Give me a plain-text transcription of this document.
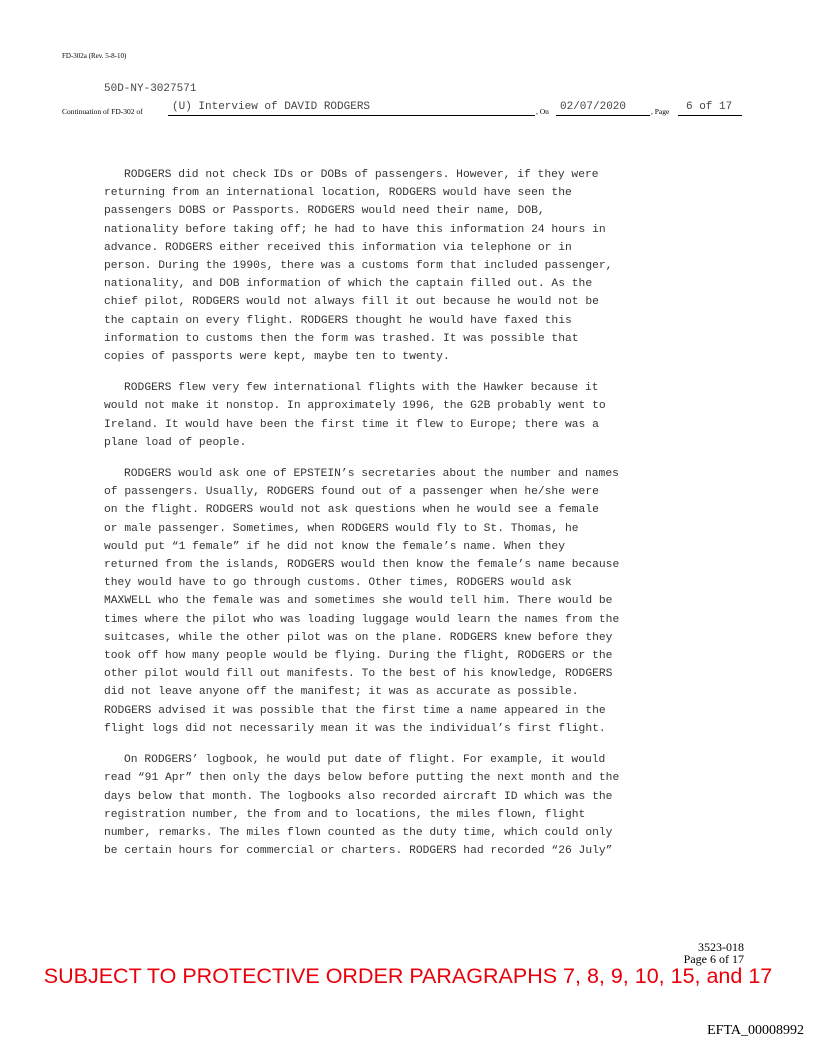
FD-302a (Rev. 5-8-10)
50D-NY-3027571
Continuation of FD-302 of	(U) Interview of DAVID RODGERS	, On	02/07/2020	, Page	6 of 17

RODGERS did not check IDs or DOBs of passengers. However, if they were
returning from an international location, RODGERS would have seen the
passengers DOBS or Passports. RODGERS would need their name, DOB,
nationality before taking off; he had to have this information 24 hours in
advance. RODGERS either received this information via telephone or in
person. During the 1990s, there was a customs form that included passenger,
nationality, and DOB information of which the captain filled out. As the
chief pilot, RODGERS would not always fill it out because he would not be
the captain on every flight. RODGERS thought he would have faxed this
information to customs then the form was trashed. It was possible that
copies of passports were kept, maybe ten to twenty.

RODGERS flew very few international flights with the Hawker because it
would not make it nonstop. In approximately 1996, the G2B probably went to
Ireland. It would have been the first time it flew to Europe; there was a
plane load of people.

RODGERS would ask one of EPSTEIN’s secretaries about the number and names
of passengers. Usually, RODGERS found out of a passenger when he/she were
on the flight. RODGERS would not ask questions when he would see a female
or male passenger. Sometimes, when RODGERS would fly to St. Thomas, he
would put “1 female” if he did not know the female’s name. When they
returned from the islands, RODGERS would then know the female’s name because
they would have to go through customs. Other times, RODGERS would ask
MAXWELL who the female was and sometimes she would tell him. There would be
times where the pilot who was loading luggage would learn the names from the
suitcases, while the other pilot was on the plane. RODGERS knew before they
took off how many people would be flying. During the flight, RODGERS or the
other pilot would fill out manifests. To the best of his knowledge, RODGERS
did not leave anyone off the manifest; it was as accurate as possible.
RODGERS advised it was possible that the first time a name appeared in the
flight logs did not necessarily mean it was the individual’s first flight.

On RODGERS’ logbook, he would put date of flight. For example, it would
read “91 Apr” then only the days below before putting the next month and the
days below that month. The logbooks also recorded aircraft ID which was the
registration number, the from and to locations, the miles flown, flight
number, remarks. The miles flown counted as the duty time, which could only
be certain hours for commercial or charters. RODGERS had recorded “26 July”

3523-018
Page 6 of 17
SUBJECT TO PROTECTIVE ORDER PARAGRAPHS 7, 8, 9, 10, 15, and 17
EFTA_00008992
